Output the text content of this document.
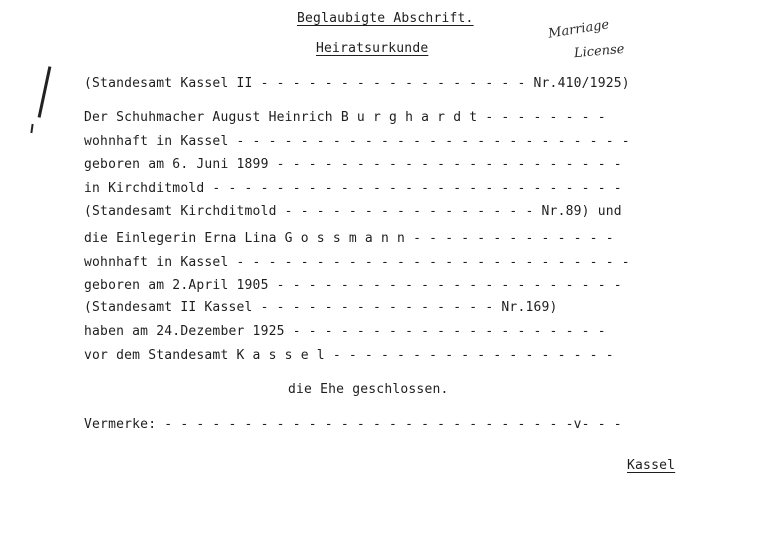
Beglaubigte Abschrift.
Heiratsurkunde
Marriage
License
(Standesamt Kassel II - - - - - - - - - - - - - - - - - Nr.410/1925)
Der Schuhmacher August Heinrich B u r g h a r d t - - - - - - - -
wohnhaft in Kassel - - - - - - - - - - - - - - - - - - - - - - - - -
geboren am 6. Juni 1899 - - - - - - - - - - - - - - - - - - - - - -
in Kirchditmold - - - - - - - - - - - - - - - - - - - - - - - - - -
(Standesamt Kirchditmold - - - - - - - - - - - - - - - - Nr.89) und
die Einlegerin Erna Lina G o s s m a n n - - - - - - - - - - - - -
wohnhaft in Kassel - - - - - - - - - - - - - - - - - - - - - - - - -
geboren am 2.April 1905 - - - - - - - - - - - - - - - - - - - - - -
(Standesamt II Kassel - - - - - - - - - - - - - - - Nr.169)
haben am 24.Dezember 1925 - - - - - - - - - - - - - - - - - - - -
vor dem Standesamt K a s s e l - - - - - - - - - - - - - - - - - -
die Ehe geschlossen.
Vermerke: - - - - - - - - - - - - - - - - - - - - - - - - - -v- - -
Kassel
